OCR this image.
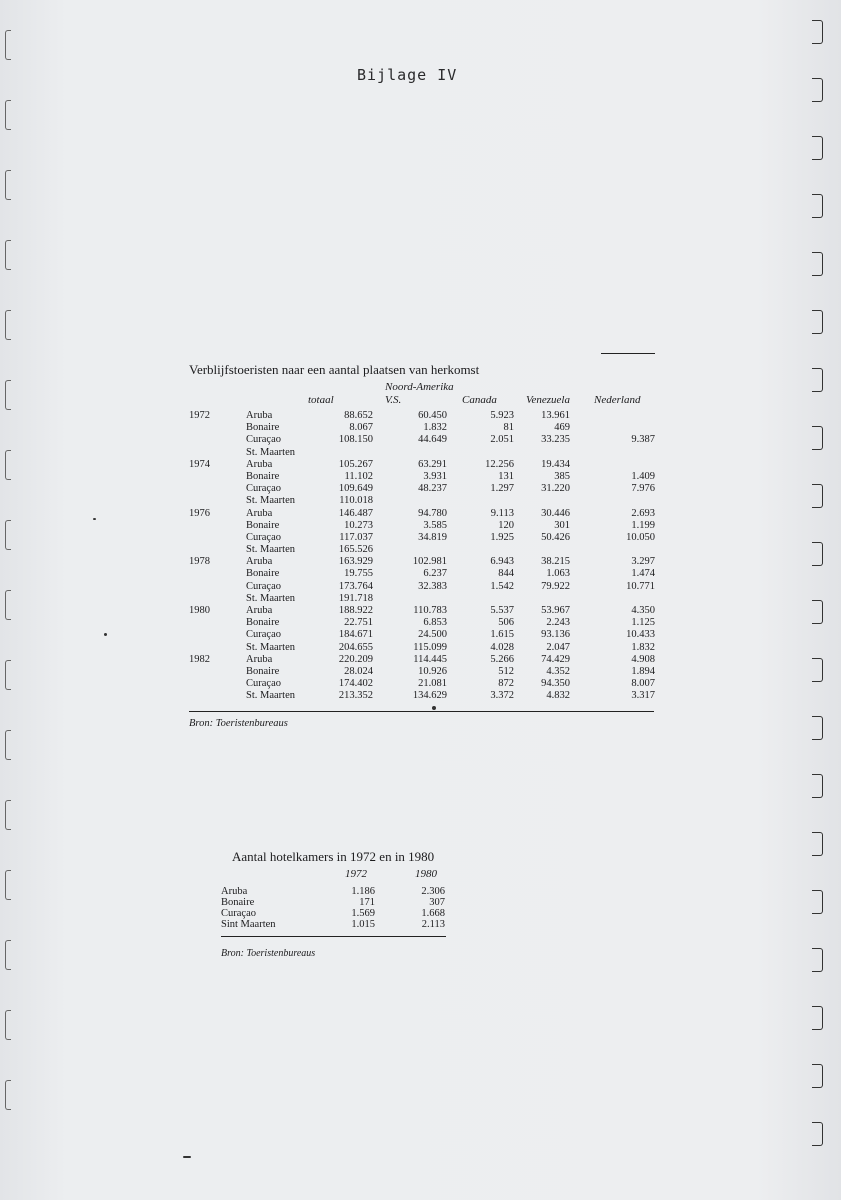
Bijlage IV
Verblijfstoeristen naar een aantal plaatsen van herkomst
Noord-Amerika
totaal	V.S.	Canada	Venezuela Nederland
1972	Aruba	88.652	60.450	5.923	13.961
Bonaire	8.067	1.832	81	469
Curaçao	108.150	44.649	2.051	33.235	9.387
St. Maarten
1974	Aruba	105.267	63.291	12.256	19.434
Bonaire	11.102	3.931	131	385	1.409
Curaçao	109.649	48.237	1.297	31.220	7.976
St. Maarten	110.018
1976	Aruba	146.487	94.780	9.113	30.446	2.693
Bonaire	10.273	3.585	120	301	1.199
Curaçao	117.037	34.819	1.925	50.426	10.050
St. Maarten	165.526
1978	Aruba	163.929	102.981	6.943	38.215	3.297
Bonaire	19.755	6.237	844	1.063	1.474
Curaçao	173.764	32.383	1.542	79.922	10.771
St. Maarten	191.718
1980	Aruba	188.922	110.783	5.537	53.967	4.350
Bonaire	22.751	6.853	506	2.243	1.125
Curaçao	184.671	24.500	1.615	93.136	10.433
St. Maarten	204.655	115.099	4.028	2.047	1.832
1982	Aruba	220.209	114.445	5.266	74.429	4.908
Bonaire	28.024	10.926	512	4.352	1.894
Curaçao	174.402	21.081	872	94.350	8.007
St. Maarten	213.352	134.629	3.372	4.832	3.317
Bron: Toeristenbureaus
Aantal hotelkamers in 1972 en in 1980
1972	1980
Aruba	1.186	2.306
Bonaire	171	307
Curaçao	1.569	1.668
Sint Maarten	1.015	2.113
Bron: Toeristenbureaus
